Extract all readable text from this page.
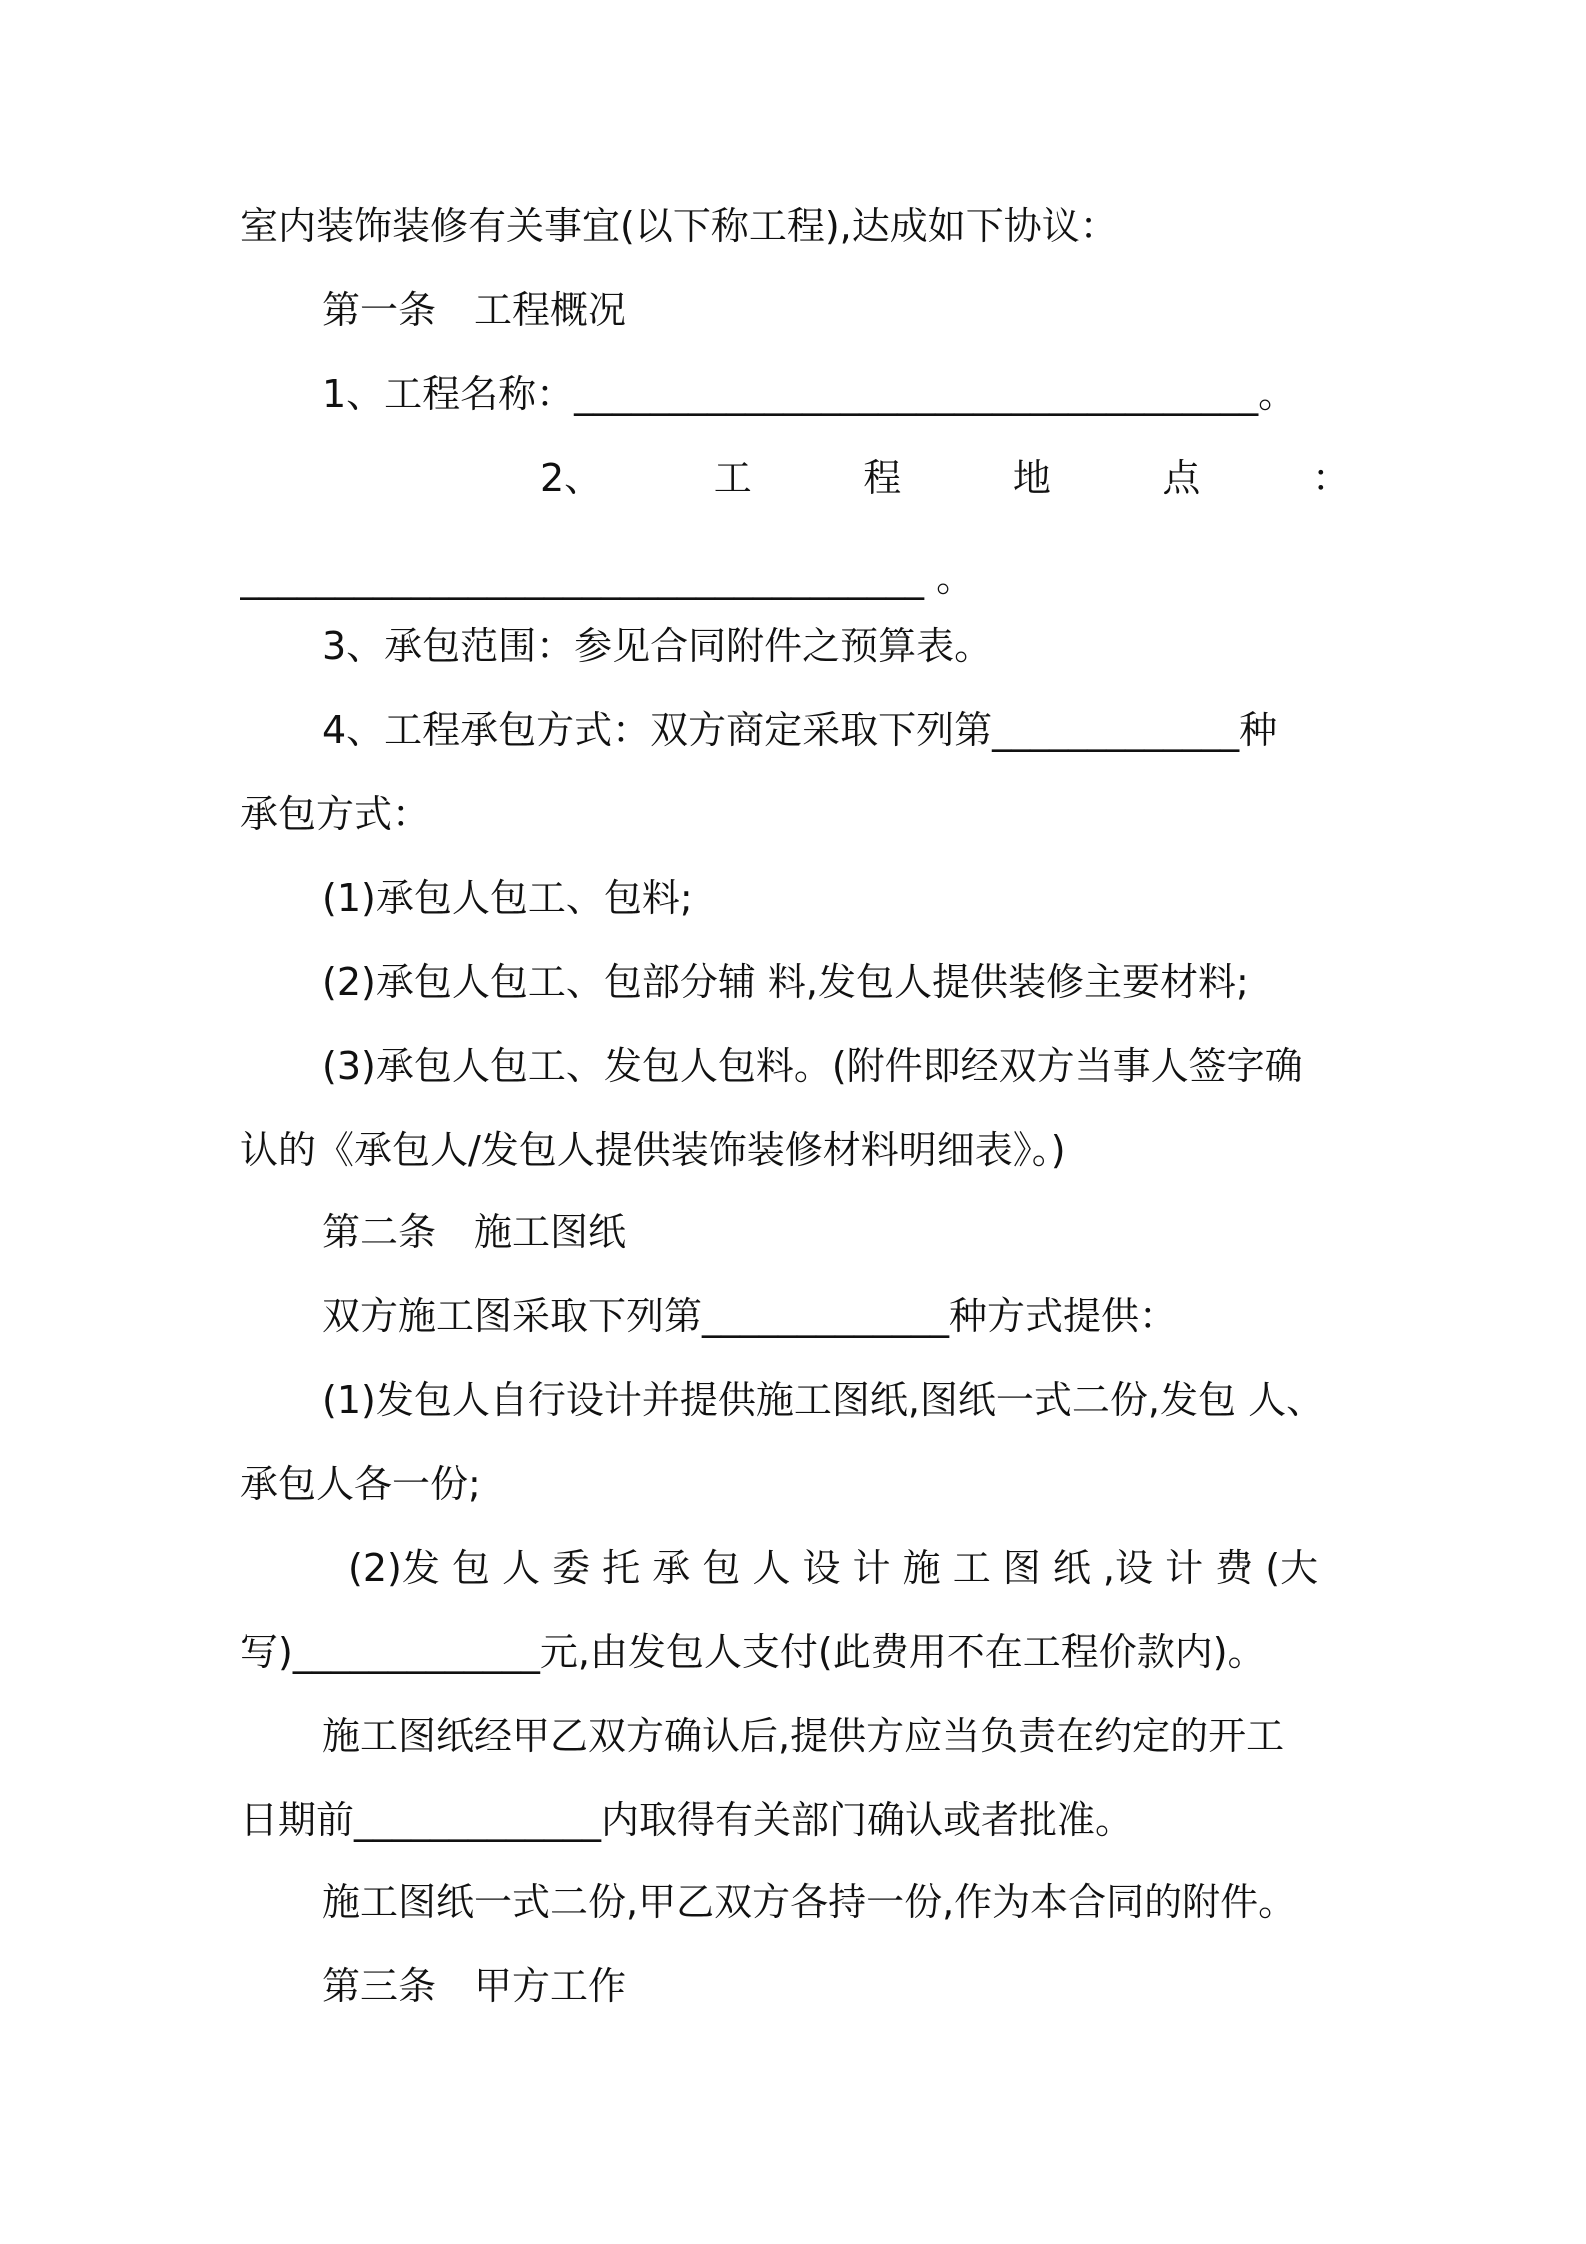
室内装饰装修有关事宜(以下称工程),达成如下协议：
第一条　工程概况
1、工程名称：____________________________________。
2、	工	程	地	点	：
____________________________________ 。
3、承包范围：参见合同附件之预算表。
4、工程承包方式：双方商定采取下列第_____________种
承包方式：
(1)承包人包工、包料;
(2)承包人包工、包部分辅 料,发包人提供装修主要材料;
(3)承包人包工、发包人包料。(附件即经双方当事人签字确
认的《承包人/发包人提供装饰装修材料明细表》。)
第二条　施工图纸
双方施工图采取下列第_____________种方式提供：
(1)发包人自行设计并提供施工图纸,图纸一式二份,发包 人、
承包人各一份;
(2)发 包 人 委 托 承 包 人 设 计 施 工 图 纸 ,设 计 费 (大
写)_____________元,由发包人支付(此费用不在工程价款内)。
施工图纸经甲乙双方确认后,提供方应当负责在约定的开工
日期前_____________内取得有关部门确认或者批准。
施工图纸一式二份,甲乙双方各持一份,作为本合同的附件。
第三条　甲方工作
